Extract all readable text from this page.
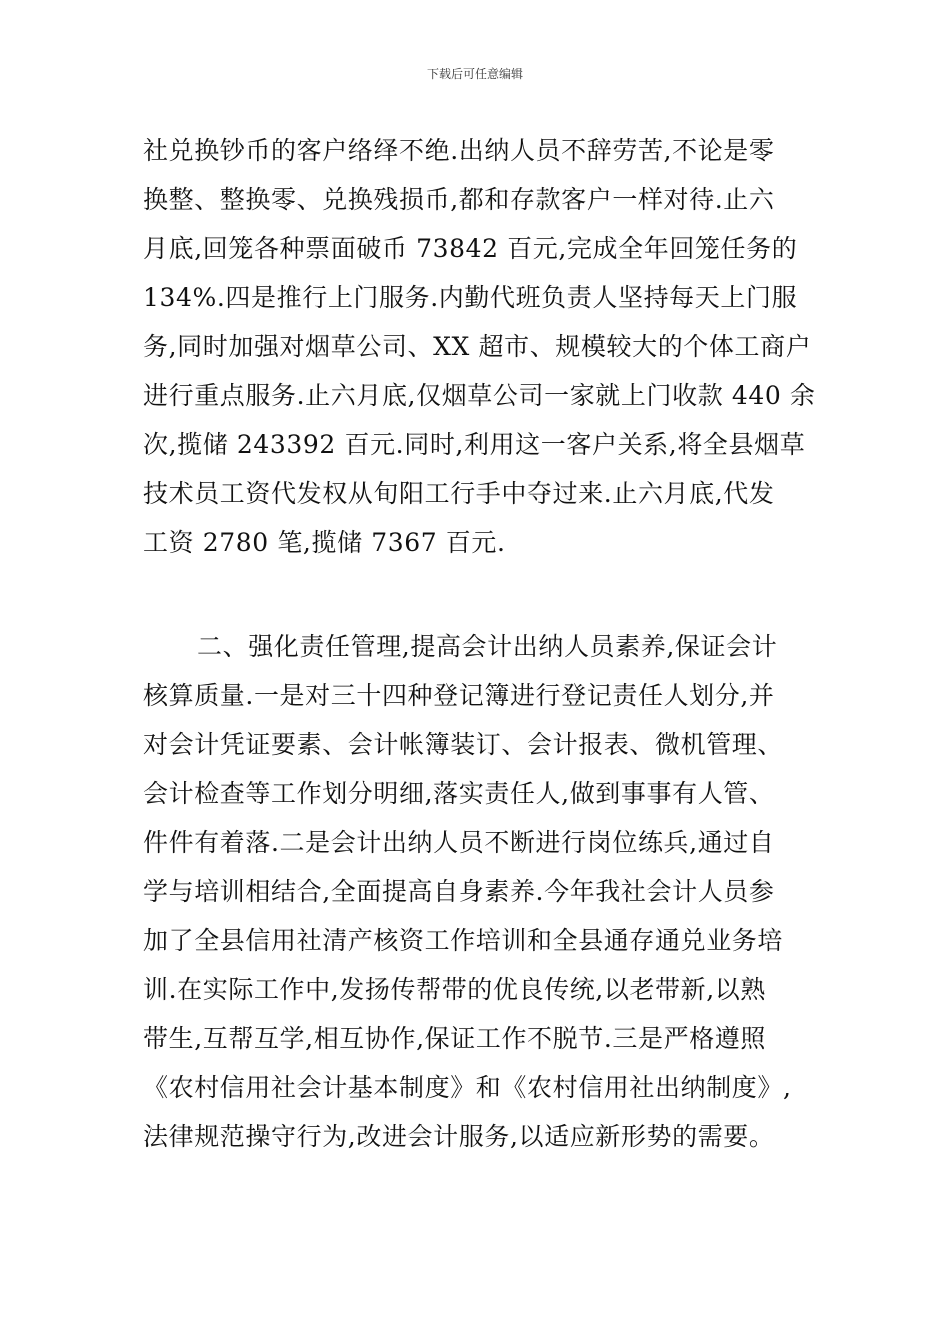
下载后可任意编辑
社兑换钞币的客户络绎不绝.出纳人员不辞劳苦,不论是零
换整、整换零、兑换残损币,都和存款客户一样对待.止六
月底,回笼各种票面破币 73842 百元,完成全年回笼任务的
134%.四是推行上门服务.内勤代班负责人坚持每天上门服
务,同时加强对烟草公司、XX 超市、规模较大的个体工商户
进行重点服务.止六月底,仅烟草公司一家就上门收款 440 余
次,揽储 243392 百元.同时,利用这一客户关系,将全县烟草
技术员工资代发权从旬阳工行手中夺过来.止六月底,代发
工资 2780 笔,揽储 7367 百元.
二、强化责任管理,提高会计出纳人员素养,保证会计
核算质量.一是对三十四种登记簿进行登记责任人划分,并
对会计凭证要素、会计帐簿装订、会计报表、微机管理、
会计检查等工作划分明细,落实责任人,做到事事有人管、
件件有着落.二是会计出纳人员不断进行岗位练兵,通过自
学与培训相结合,全面提高自身素养.今年我社会计人员参
加了全县信用社清产核资工作培训和全县通存通兑业务培
训.在实际工作中,发扬传帮带的优良传统,以老带新,以熟
带生,互帮互学,相互协作,保证工作不脱节.三是严格遵照
《农村信用社会计基本制度》和《农村信用社出纳制度》,
法律规范操守行为,改进会计服务,以适应新形势的需要。
